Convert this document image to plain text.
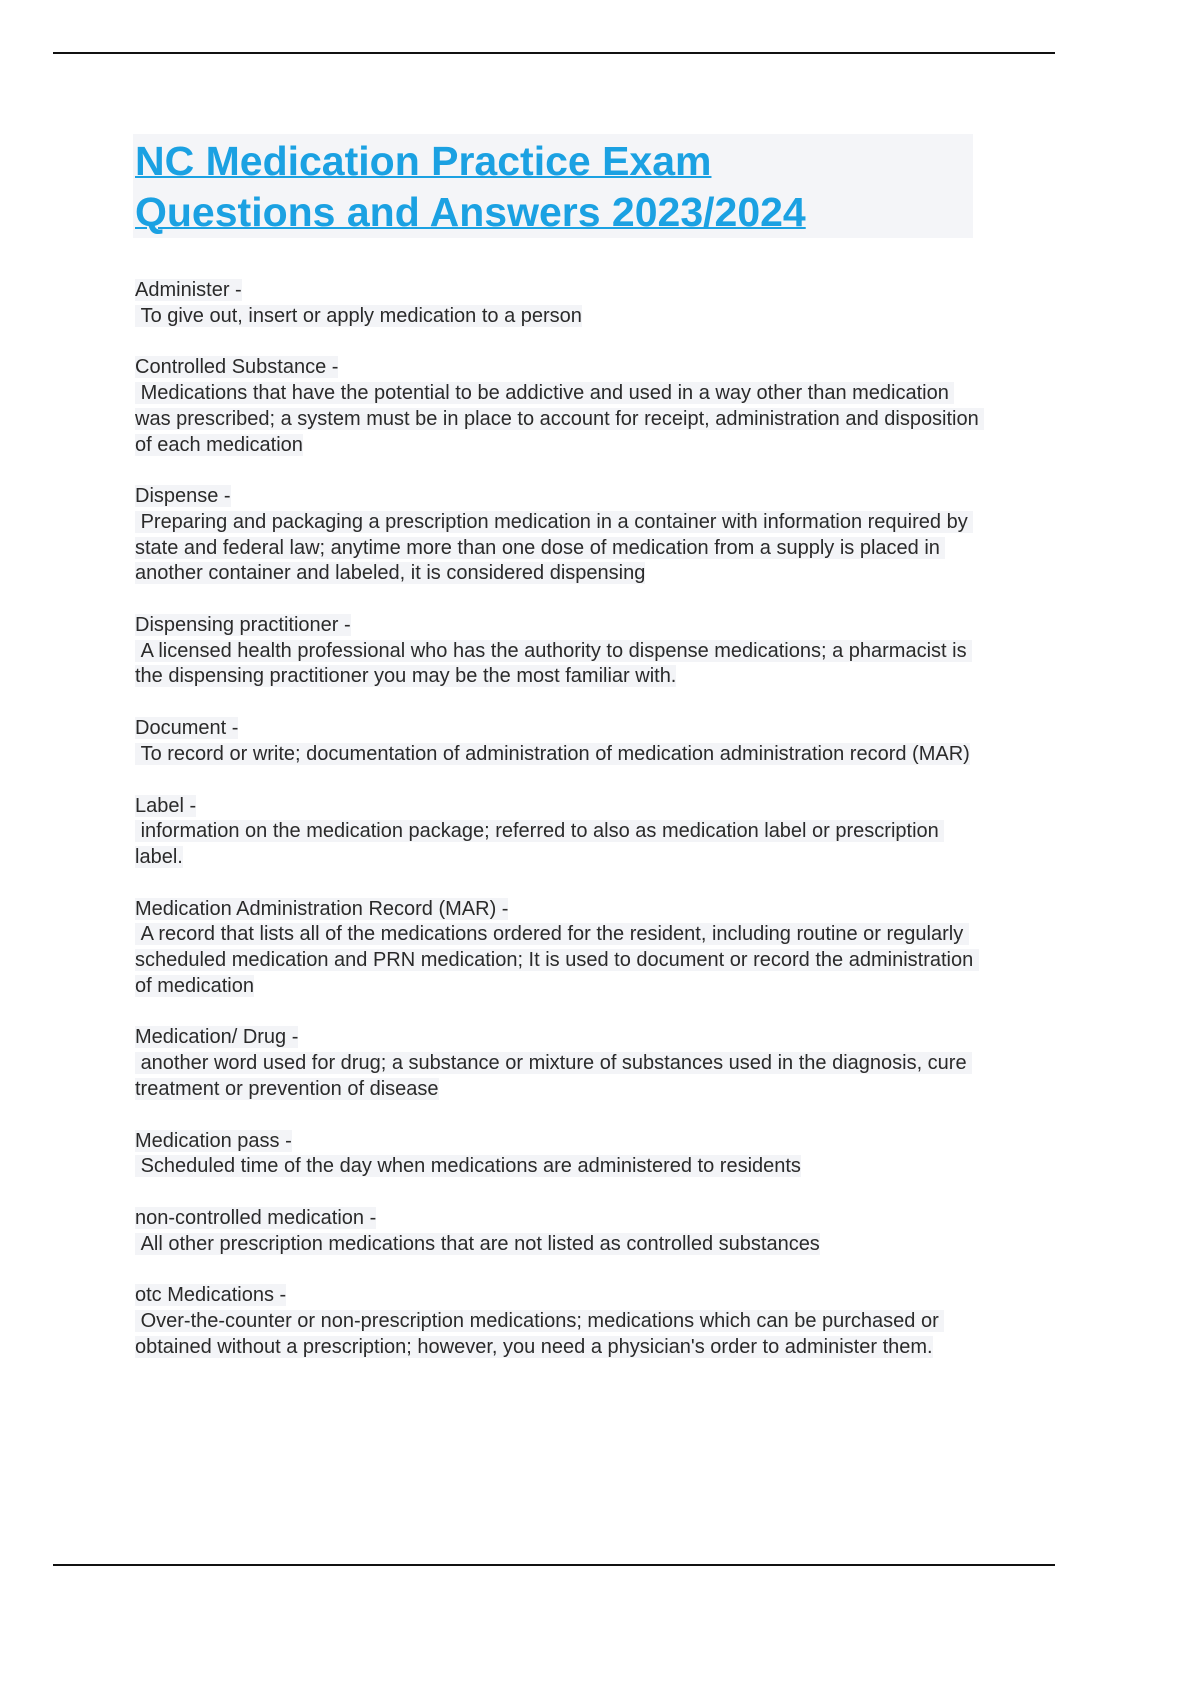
NC Medication Practice Exam
Questions and Answers 2023/2024
Administer -
To give out, insert or apply medication to a person
Controlled Substance -
Medications that have the potential to be addictive and used in a way other than medication was prescribed; a system must be in place to account for receipt, administration and disposition of each medication
Dispense -
Preparing and packaging a prescription medication in a container with information required by state and federal law; anytime more than one dose of medication from a supply is placed in another container and labeled, it is considered dispensing
Dispensing practitioner -
A licensed health professional who has the authority to dispense medications; a pharmacist is the dispensing practitioner you may be the most familiar with.
Document -
To record or write; documentation of administration of medication administration record (MAR)
Label -
information on the medication package; referred to also as medication label or prescription label.
Medication Administration Record (MAR) -
A record that lists all of the medications ordered for the resident, including routine or regularly scheduled medication and PRN medication; It is used to document or record the administration of medication
Medication/ Drug -
another word used for drug; a substance or mixture of substances used in the diagnosis, cure treatment or prevention of disease
Medication pass -
Scheduled time of the day when medications are administered to residents
non-controlled medication -
All other prescription medications that are not listed as controlled substances
otc Medications -
Over-the-counter or non-prescription medications; medications which can be purchased or obtained without a prescription; however, you need a physician's order to administer them.
